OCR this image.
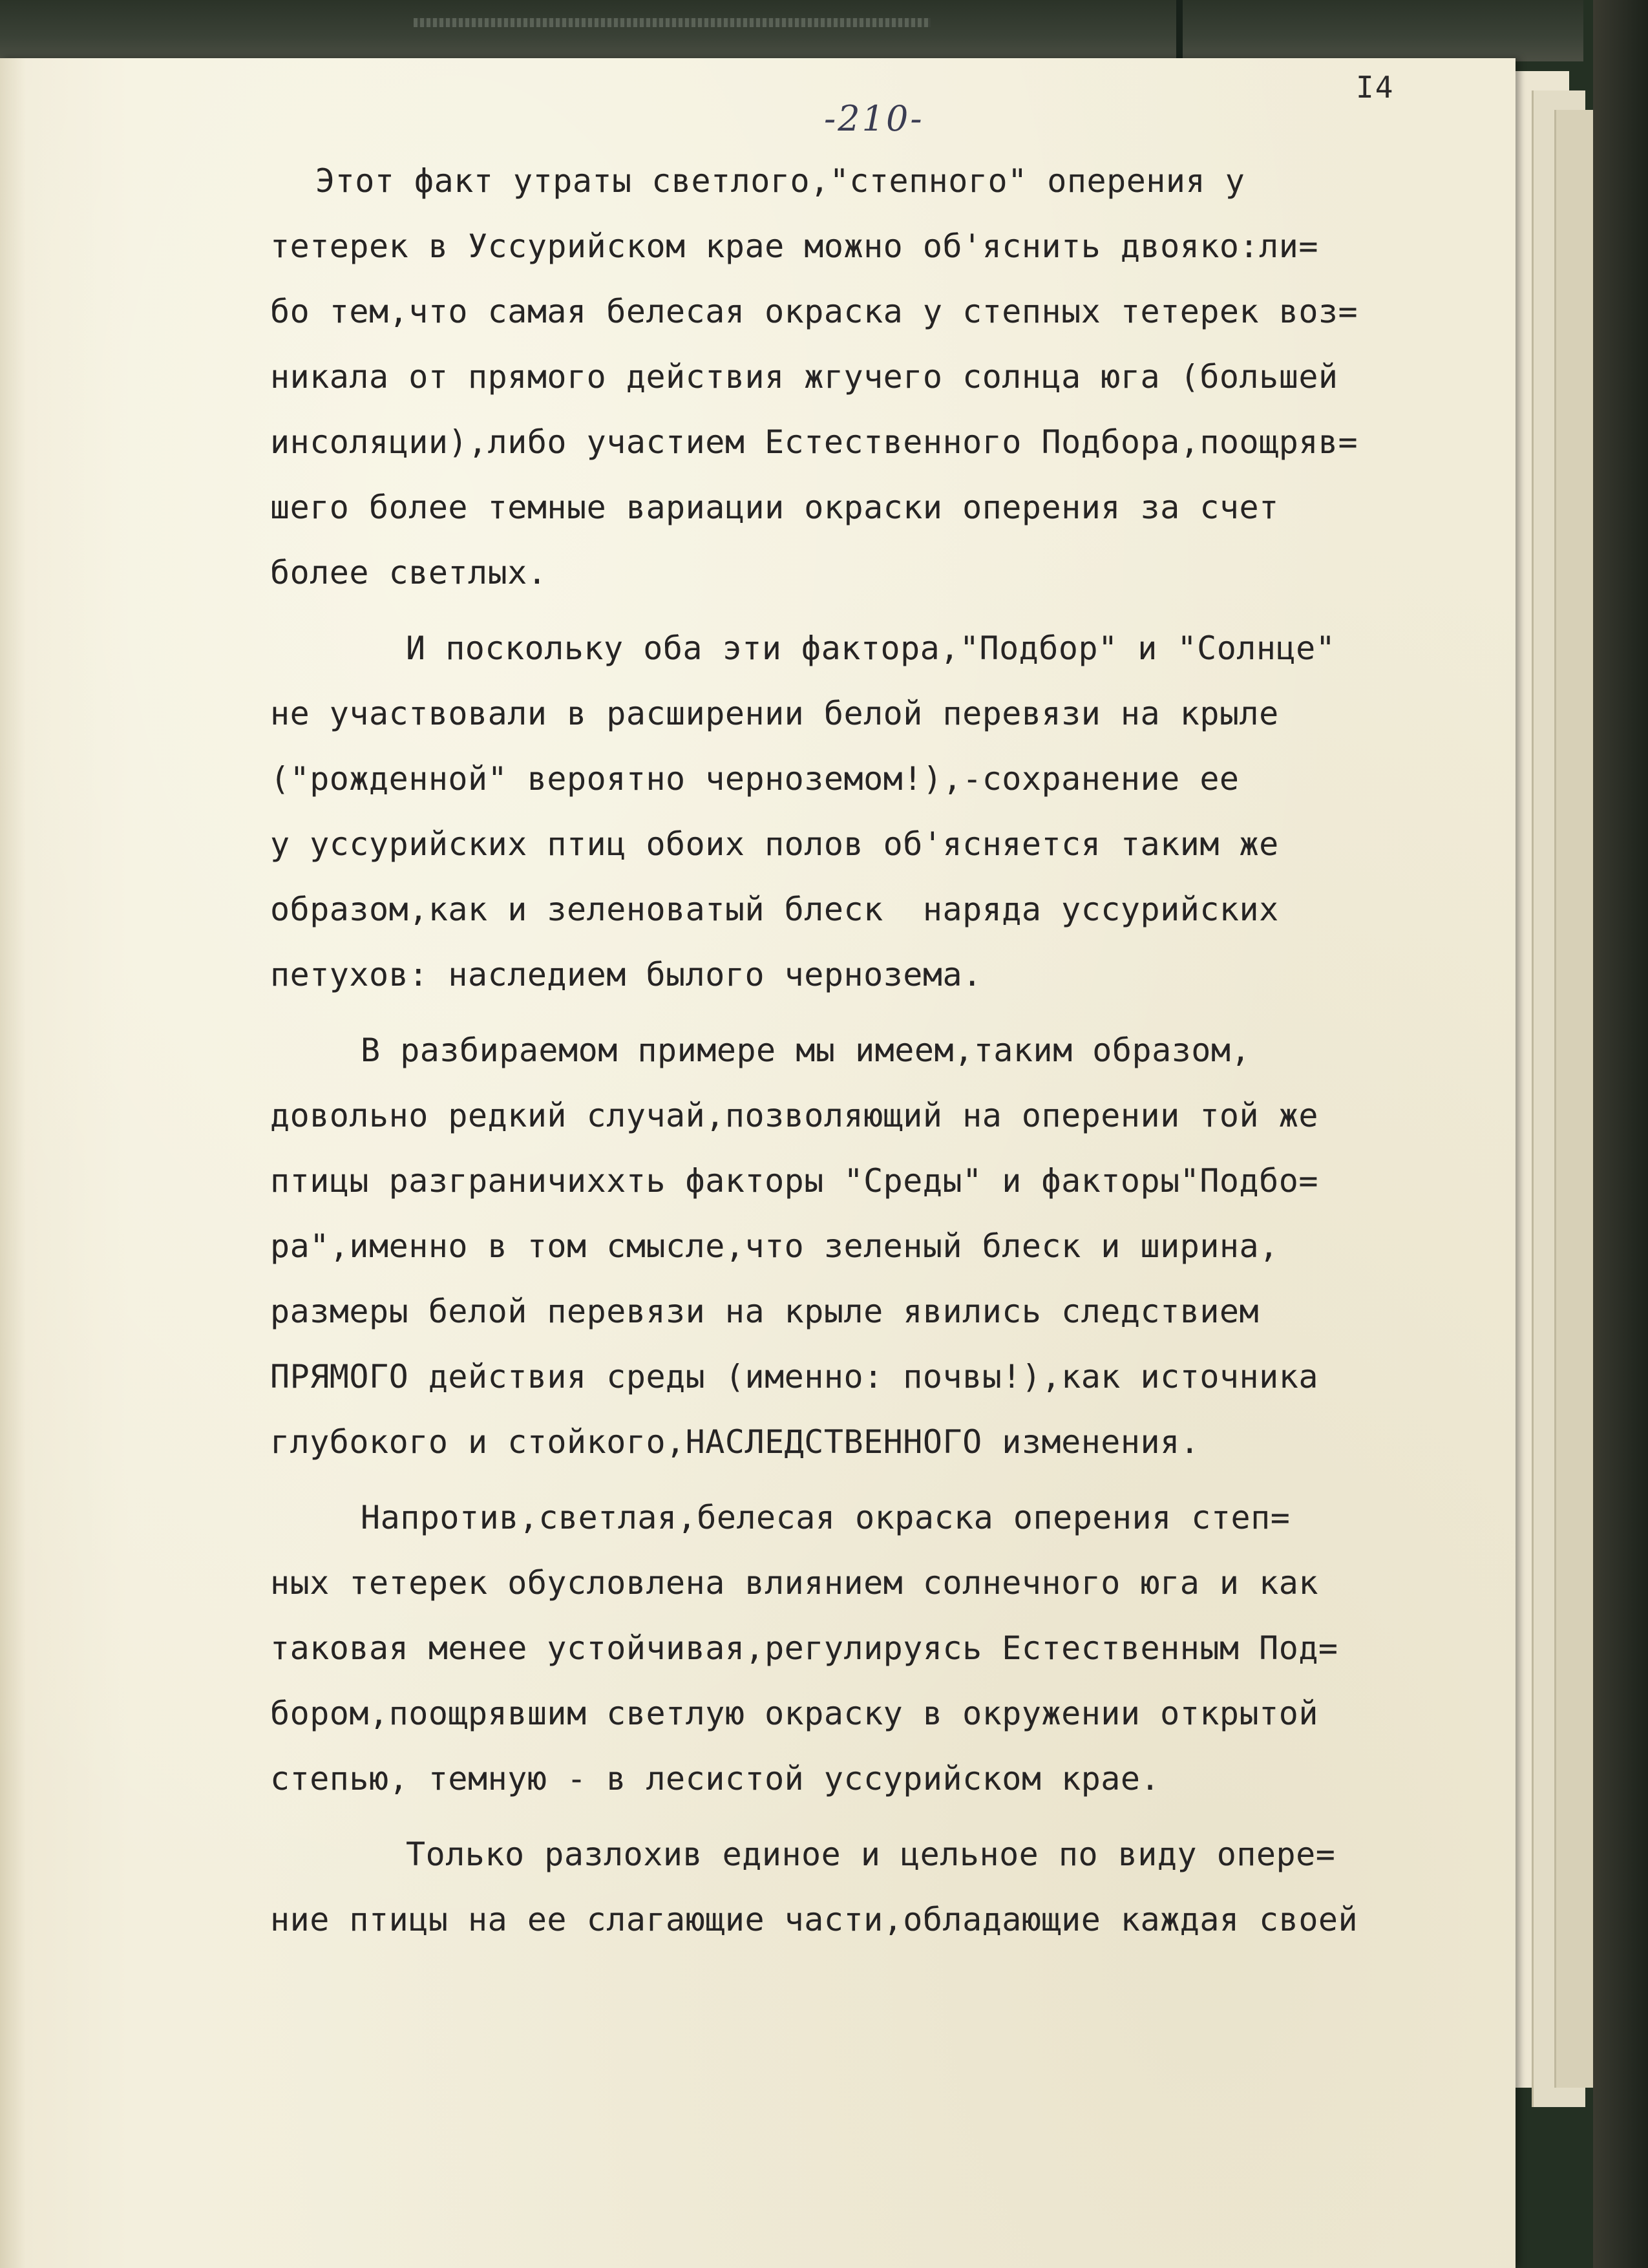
I4

-210-

Этот факт утраты светлого,"степного" оперения у
тетерек в Уссурийском крае можно об'яснить двояко:ли=
бо тем,что самая белесая окраска у степных тетерек воз=
никала от прямого действия жгучего солнца юга (большей
инсоляции),либо участием Естественного Подбора,поощряв=
шего более темные вариации окраски оперения за счет
более светлых.
И поскольку оба эти фактора,"Подбор" и "Солнце"
не участвовали в расширении белой перевязи на крыле
("рожденной" вероятно черноземом!),-сохранение ее
у уссурийских птиц обоих полов об'ясняется таким же
образом,как и зеленоватый блеск  наряда уссурийских
петухов: наследием былого чернозема.
В разбираемом примере мы имеем,таким образом,
довольно редкий случай,позволяющий на оперении той же
птицы разграничиxxть факторы "Среды" и факторы"Подбо=
ра",именно в том смысле,что зеленый блеск и ширина,
размеры белой перевязи на крыле явились следствием
ПРЯМОГО действия среды (именно: почвы!),как источника
глубокого и стойкого,НАСЛЕДСТВЕННОГО изменения.
Напротив,светлая,белесая окраска оперения степ=
ных тетерек обусловлена влиянием солнечного юга и как
таковая менее устойчивая,регулируясь Естественным Под=
бором,поощрявшим светлую окраску в окружении открытой
степью, темную - в лесистой уссурийском крае.
Только разлоxив единое и цельное по виду опере=
ние птицы на ее слагающие части,обладающие каждая своей
